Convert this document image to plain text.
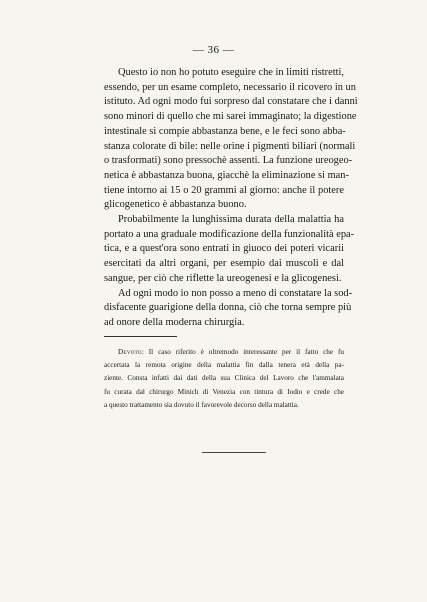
— 36 —
Questo io non ho potuto eseguire che in limiti ristretti,
essendo, per un esame completo, necessario il ricovero in un
istituto. Ad ogni modo fui sorpreso dal constatare che i danni
sono minori di quello che mi sarei immaginato; la digestione
intestinale si compie abbastanza bene, e le feci sono abba-
stanza colorate di bile: nelle orine i pigmenti biliari (normali
o trasformati) sono pressochè assenti. La funzione ureogeo-
netica è abbastanza buona, giacchè la eliminazione si man-
tiene intorno ai 15 o 20 grammi al giorno: anche il potere
glicogenetico è abbastanza buono.
Probabilmente la lunghissima durata della malattia ha
portato a una graduale modificazione della funzionalità epa-
tica, e a quest'ora sono entrati in giuoco dei poteri vicarii
esercitati da altri organi, per esempio dai muscoli e dal
sangue, per ciò che riflette la ureogenesi e la glicogenesi.
Ad ogni modo io non posso a meno di constatare la sod-
disfacente guarigione della donna, ciò che torna sempre più
ad onore della moderna chirurgia.
Devoto: Il caso riferito è oltremodo interessante per il fatto che fu
accertata la remota origine della malattia fin dalla tenera età della pa-
ziente. Consta infatti dai dati della sua Clinica del Lavoro che l'ammalata
fu curata dal chirurgo Minich di Venezia con tintura di Iodio e crede che
a questo trattamento sia dovuto il favorevole decorso della malattia.
